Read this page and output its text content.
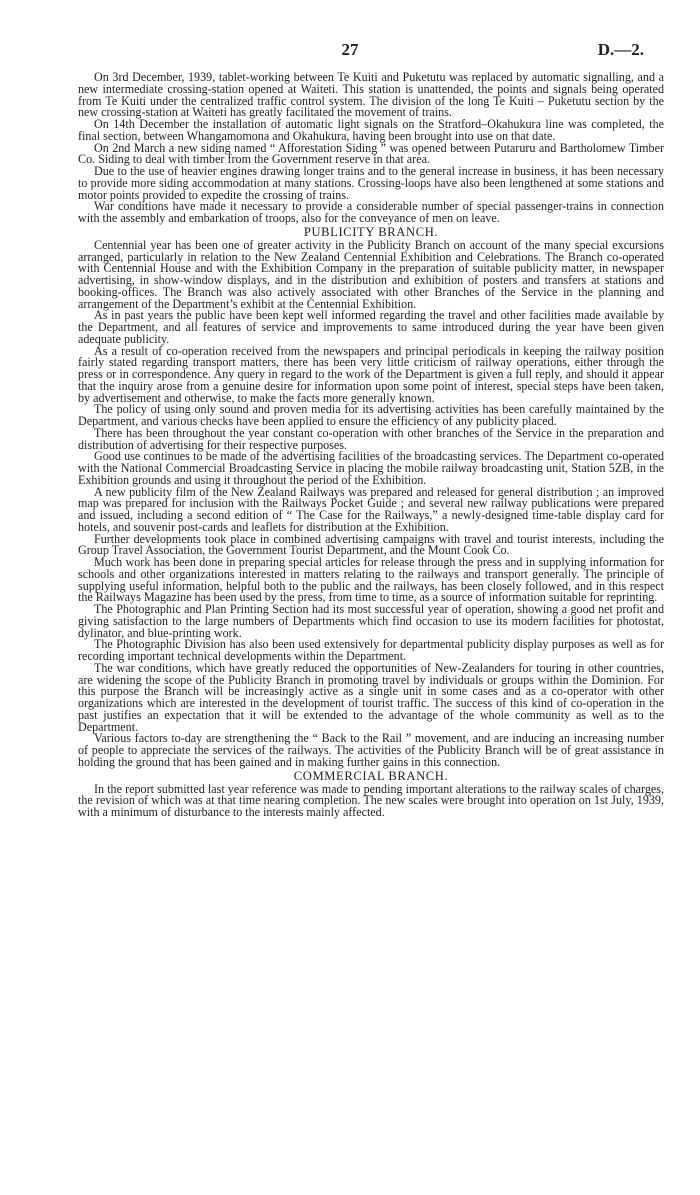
27	D.—2.

On 3rd December, 1939, tablet-working between Te Kuiti and Puketutu was replaced by automatic signalling, and a new intermediate crossing-station opened at Waiteti. This station is unattended, the points and signals being operated from Te Kuiti under the centralized traffic control system. The division of the long Te Kuiti – Puketutu section by the new crossing-station at Waiteti has greatly facilitated the movement of trains.

On 14th December the installation of automatic light signals on the Stratford–Okahukura line was completed, the final section, between Whangamomona and Okahukura, having been brought into use on that date.

On 2nd March a new siding named “ Afforestation Siding ” was opened between Putaruru and Bartholomew Timber Co. Siding to deal with timber from the Government reserve in that area.

Due to the use of heavier engines drawing longer trains and to the general increase in business, it has been necessary to provide more siding accommodation at many stations. Crossing-loops have also been lengthened at some stations and motor points provided to expedite the crossing of trains.

War conditions have made it necessary to provide a considerable number of special passenger-trains in connection with the assembly and embarkation of troops, also for the conveyance of men on leave.

PUBLICITY BRANCH.

Centennial year has been one of greater activity in the Publicity Branch on account of the many special excursions arranged, particularly in relation to the New Zealand Centennial Exhibition and Celebrations. The Branch co-operated with Centennial House and with the Exhibition Company in the preparation of suitable publicity matter, in newspaper advertising, in show-window displays, and in the distribution and exhibition of posters and transfers at stations and booking-offices. The Branch was also actively associated with other Branches of the Service in the planning and arrangement of the Department’s exhibit at the Centennial Exhibition.

As in past years the public have been kept well informed regarding the travel and other facilities made available by the Department, and all features of service and improvements to same introduced during the year have been given adequate publicity.

As a result of co-operation received from the newspapers and principal periodicals in keeping the railway position fairly stated regarding transport matters, there has been very little criticism of railway operations, either through the press or in correspondence. Any query in regard to the work of the Department is given a full reply, and should it appear that the inquiry arose from a genuine desire for information upon some point of interest, special steps have been taken, by advertisement and otherwise, to make the facts more generally known.

The policy of using only sound and proven media for its advertising activities has been carefully maintained by the Department, and various checks have been applied to ensure the efficiency of any publicity placed.

There has been throughout the year constant co-operation with other branches of the Service in the preparation and distribution of advertising for their respective purposes.

Good use continues to be made of the advertising facilities of the broadcasting services. The Department co-operated with the National Commercial Broadcasting Service in placing the mobile railway broadcasting unit, Station 5ZB, in the Exhibition grounds and using it throughout the period of the Exhibition.

A new publicity film of the New Zealand Railways was prepared and released for general distribution ; an improved map was prepared for inclusion with the Railways Pocket Guide ; and several new railway publications were prepared and issued, including a second edition of “ The Case for the Railways,” a newly-designed time-table display card for hotels, and souvenir post-cards and leaflets for distribution at the Exhibition.

Further developments took place in combined advertising campaigns with travel and tourist interests, including the Group Travel Association, the Government Tourist Department, and the Mount Cook Co.

Much work has been done in preparing special articles for release through the press and in supplying information for schools and other organizations interested in matters relating to the railways and transport generally. The principle of supplying useful information, helpful both to the public and the railways, has been closely followed, and in this respect the Railways Magazine has been used by the press, from time to time, as a source of information suitable for reprinting.

The Photographic and Plan Printing Section had its most successful year of operation, showing a good net profit and giving satisfaction to the large numbers of Departments which find occasion to use its modern facilities for photostat, dylinator, and blue-printing work.

The Photographic Division has also been used extensively for departmental publicity display purposes as well as for recording important technical developments within the Department.

The war conditions, which have greatly reduced the opportunities of New-Zealanders for touring in other countries, are widening the scope of the Publicity Branch in promoting travel by individuals or groups within the Dominion. For this purpose the Branch will be increasingly active as a single unit in some cases and as a co-operator with other organizations which are interested in the development of tourist traffic. The success of this kind of co-operation in the past justifies an expectation that it will be extended to the advantage of the whole community as well as to the Department.

Various factors to-day are strengthening the “ Back to the Rail ” movement, and are inducing an increasing number of people to appreciate the services of the railways. The activities of the Publicity Branch will be of great assistance in holding the ground that has been gained and in making further gains in this connection.

COMMERCIAL BRANCH.

In the report submitted last year reference was made to pending important alterations to the railway scales of charges, the revision of which was at that time nearing completion. The new scales were brought into operation on 1st July, 1939, with a minimum of disturbance to the interests mainly affected.
